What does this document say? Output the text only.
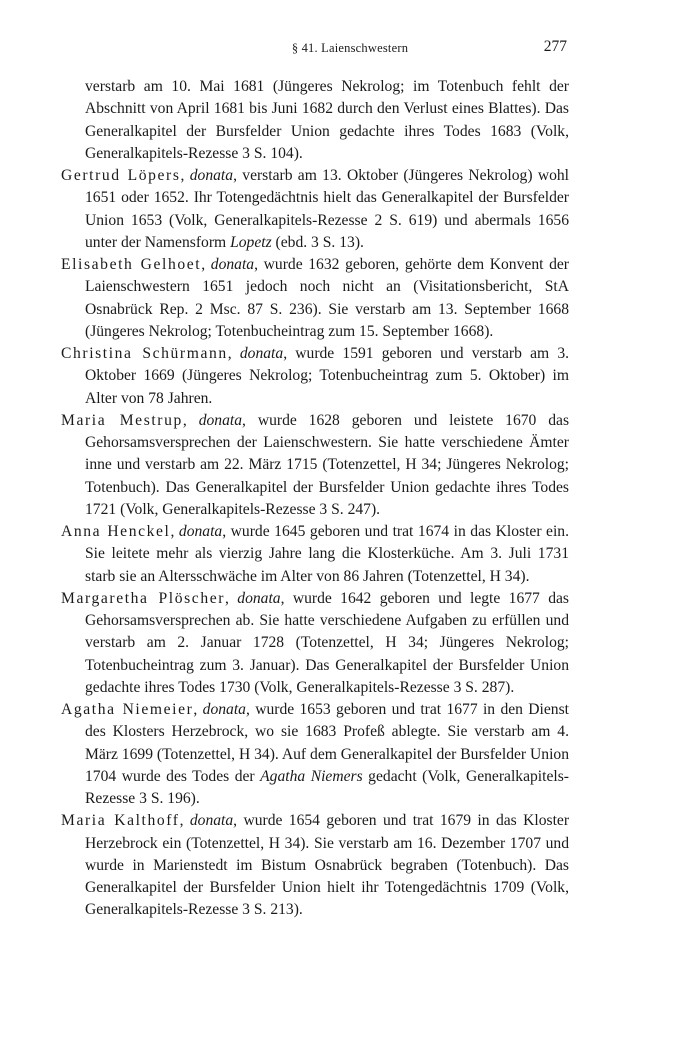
§ 41. Laienschwestern	277

verstarb am 10. Mai 1681 (Jüngeres Nekrolog; im Totenbuch fehlt der Abschnitt von April 1681 bis Juni 1682 durch den Verlust eines Blattes). Das Generalkapitel der Bursfelder Union gedachte ihres Todes 1683 (Volk, Generalkapitels-Rezesse 3 S. 104).

Gertrud Löpers, donata, verstarb am 13. Oktober (Jüngeres Nekrolog) wohl 1651 oder 1652. Ihr Totengedächtnis hielt das Generalkapitel der Bursfelder Union 1653 (Volk, Generalkapitels-Rezesse 2 S. 619) und abermals 1656 unter der Namensform Lopetz (ebd. 3 S. 13).

Elisabeth Gelhoet, donata, wurde 1632 geboren, gehörte dem Konvent der Laienschwestern 1651 jedoch noch nicht an (Visitationsbericht, StA Osnabrück Rep. 2 Msc. 87 S. 236). Sie verstarb am 13. September 1668 (Jüngeres Nekrolog; Totenbucheintrag zum 15. September 1668).

Christina Schürmann, donata, wurde 1591 geboren und verstarb am 3. Oktober 1669 (Jüngeres Nekrolog; Totenbucheintrag zum 5. Oktober) im Alter von 78 Jahren.

Maria Mestrup, donata, wurde 1628 geboren und leistete 1670 das Gehorsamsversprechen der Laienschwestern. Sie hatte verschiedene Ämter inne und verstarb am 22. März 1715 (Totenzettel, H 34; Jüngeres Nekrolog; Totenbuch). Das Generalkapitel der Bursfelder Union gedachte ihres Todes 1721 (Volk, Generalkapitels-Rezesse 3 S. 247).

Anna Henckel, donata, wurde 1645 geboren und trat 1674 in das Kloster ein. Sie leitete mehr als vierzig Jahre lang die Klosterküche. Am 3. Juli 1731 starb sie an Altersschwäche im Alter von 86 Jahren (Totenzettel, H 34).

Margaretha Plöscher, donata, wurde 1642 geboren und legte 1677 das Gehorsamsversprechen ab. Sie hatte verschiedene Aufgaben zu erfüllen und verstarb am 2. Januar 1728 (Totenzettel, H 34; Jüngeres Nekrolog; Totenbucheintrag zum 3. Januar). Das Generalkapitel der Bursfelder Union gedachte ihres Todes 1730 (Volk, Generalkapitels-Rezesse 3 S. 287).

Agatha Niemeier, donata, wurde 1653 geboren und trat 1677 in den Dienst des Klosters Herzebrock, wo sie 1683 Profeß ablegte. Sie verstarb am 4. März 1699 (Totenzettel, H 34). Auf dem Generalkapitel der Bursfelder Union 1704 wurde des Todes der Agatha Niemers gedacht (Volk, Generalkapitels-Rezesse 3 S. 196).

Maria Kalthoff, donata, wurde 1654 geboren und trat 1679 in das Kloster Herzebrock ein (Totenzettel, H 34). Sie verstarb am 16. Dezember 1707 und wurde in Marienstedt im Bistum Osnabrück begraben (Totenbuch). Das Generalkapitel der Bursfelder Union hielt ihr Totengedächtnis 1709 (Volk, Generalkapitels-Rezesse 3 S. 213).
